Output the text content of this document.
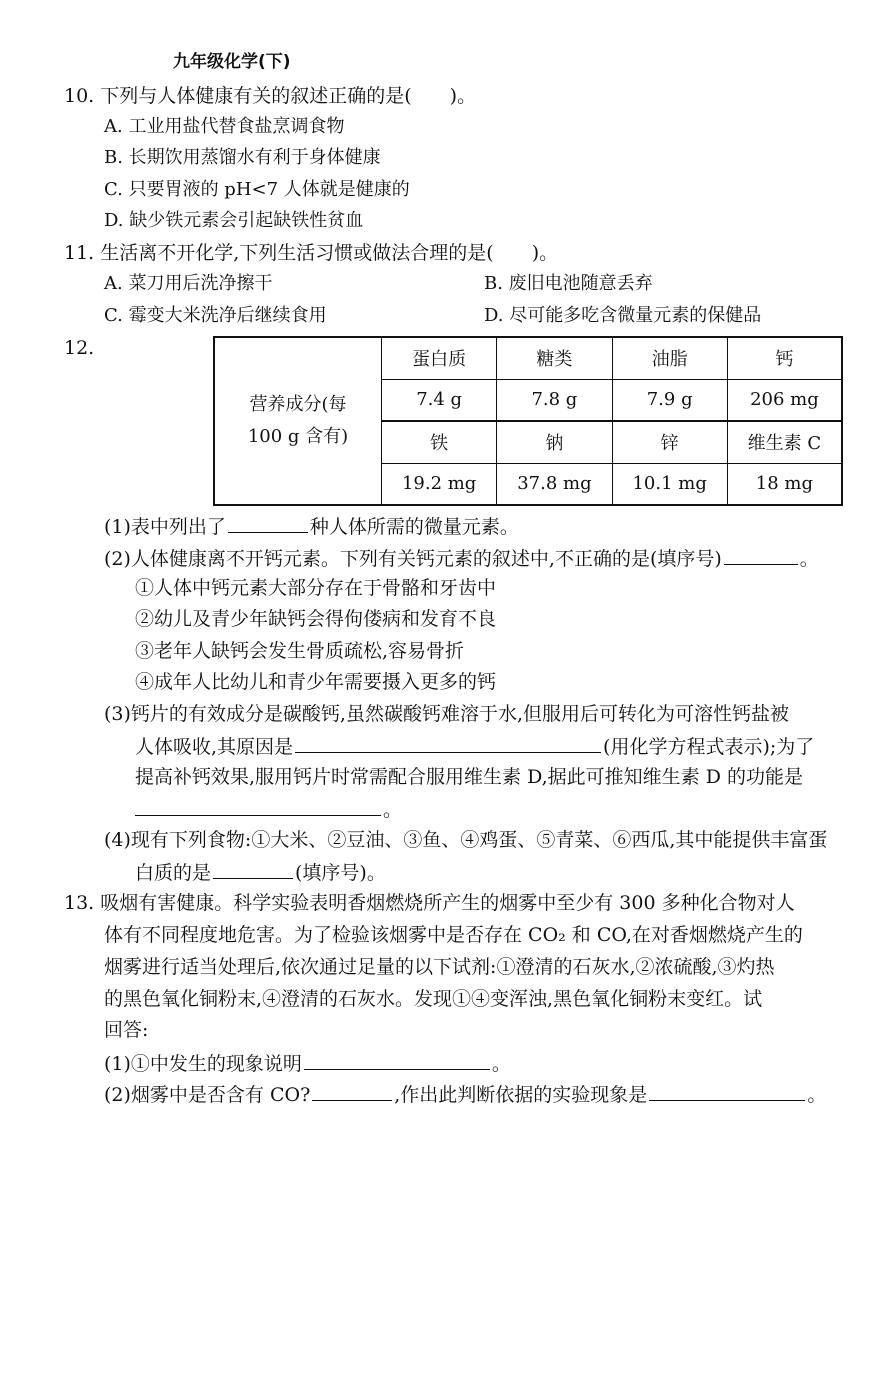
九年级化学(下)
10. 下列与人体健康有关的叙述正确的是(　　)。
A. 工业用盐代替食盐烹调食物
B. 长期饮用蒸馏水有利于身体健康
C. 只要胃液的 pH<7 人体就是健康的
D. 缺少铁元素会引起缺铁性贫血
11. 生活离不开化学,下列生活习惯或做法合理的是(　　)。
A. 菜刀用后洗净擦干	B. 废旧电池随意丢弃
C. 霉变大米洗净后继续食用	D. 尽可能多吃含微量元素的保健品
12.
营养成分(每
100 g 含有)	蛋白质	糖类	油脂	钙
	7.4 g	7.8 g	7.9 g	206 mg
	铁	钠	锌	维生素 C
	19.2 mg	37.8 mg	10.1 mg	18 mg
(1)表中列出了	种人体所需的微量元素。
(2)人体健康离不开钙元素。下列有关钙元素的叙述中,不正确的是(填序号)	。
①人体中钙元素大部分存在于骨骼和牙齿中
②幼儿及青少年缺钙会得佝偻病和发育不良
③老年人缺钙会发生骨质疏松,容易骨折
④成年人比幼儿和青少年需要摄入更多的钙
(3)钙片的有效成分是碳酸钙,虽然碳酸钙难溶于水,但服用后可转化为可溶性钙盐被
人体吸收,其原因是	(用化学方程式表示);为了
提高补钙效果,服用钙片时常需配合服用维生素 D,据此可推知维生素 D 的功能是
。
(4)现有下列食物:①大米、②豆油、③鱼、④鸡蛋、⑤青菜、⑥西瓜,其中能提供丰富蛋
白质的是	(填序号)。
13. 吸烟有害健康。科学实验表明香烟燃烧所产生的烟雾中至少有 300 多种化合物对人
体有不同程度地危害。为了检验该烟雾中是否存在 CO₂ 和 CO,在对香烟燃烧产生的
烟雾进行适当处理后,依次通过足量的以下试剂:①澄清的石灰水,②浓硫酸,③灼热
的黑色氧化铜粉末,④澄清的石灰水。发现①④变浑浊,黑色氧化铜粉末变红。试
回答:
(1)①中发生的现象说明	。
(2)烟雾中是否含有 CO?	,作出此判断依据的实验现象是	。
